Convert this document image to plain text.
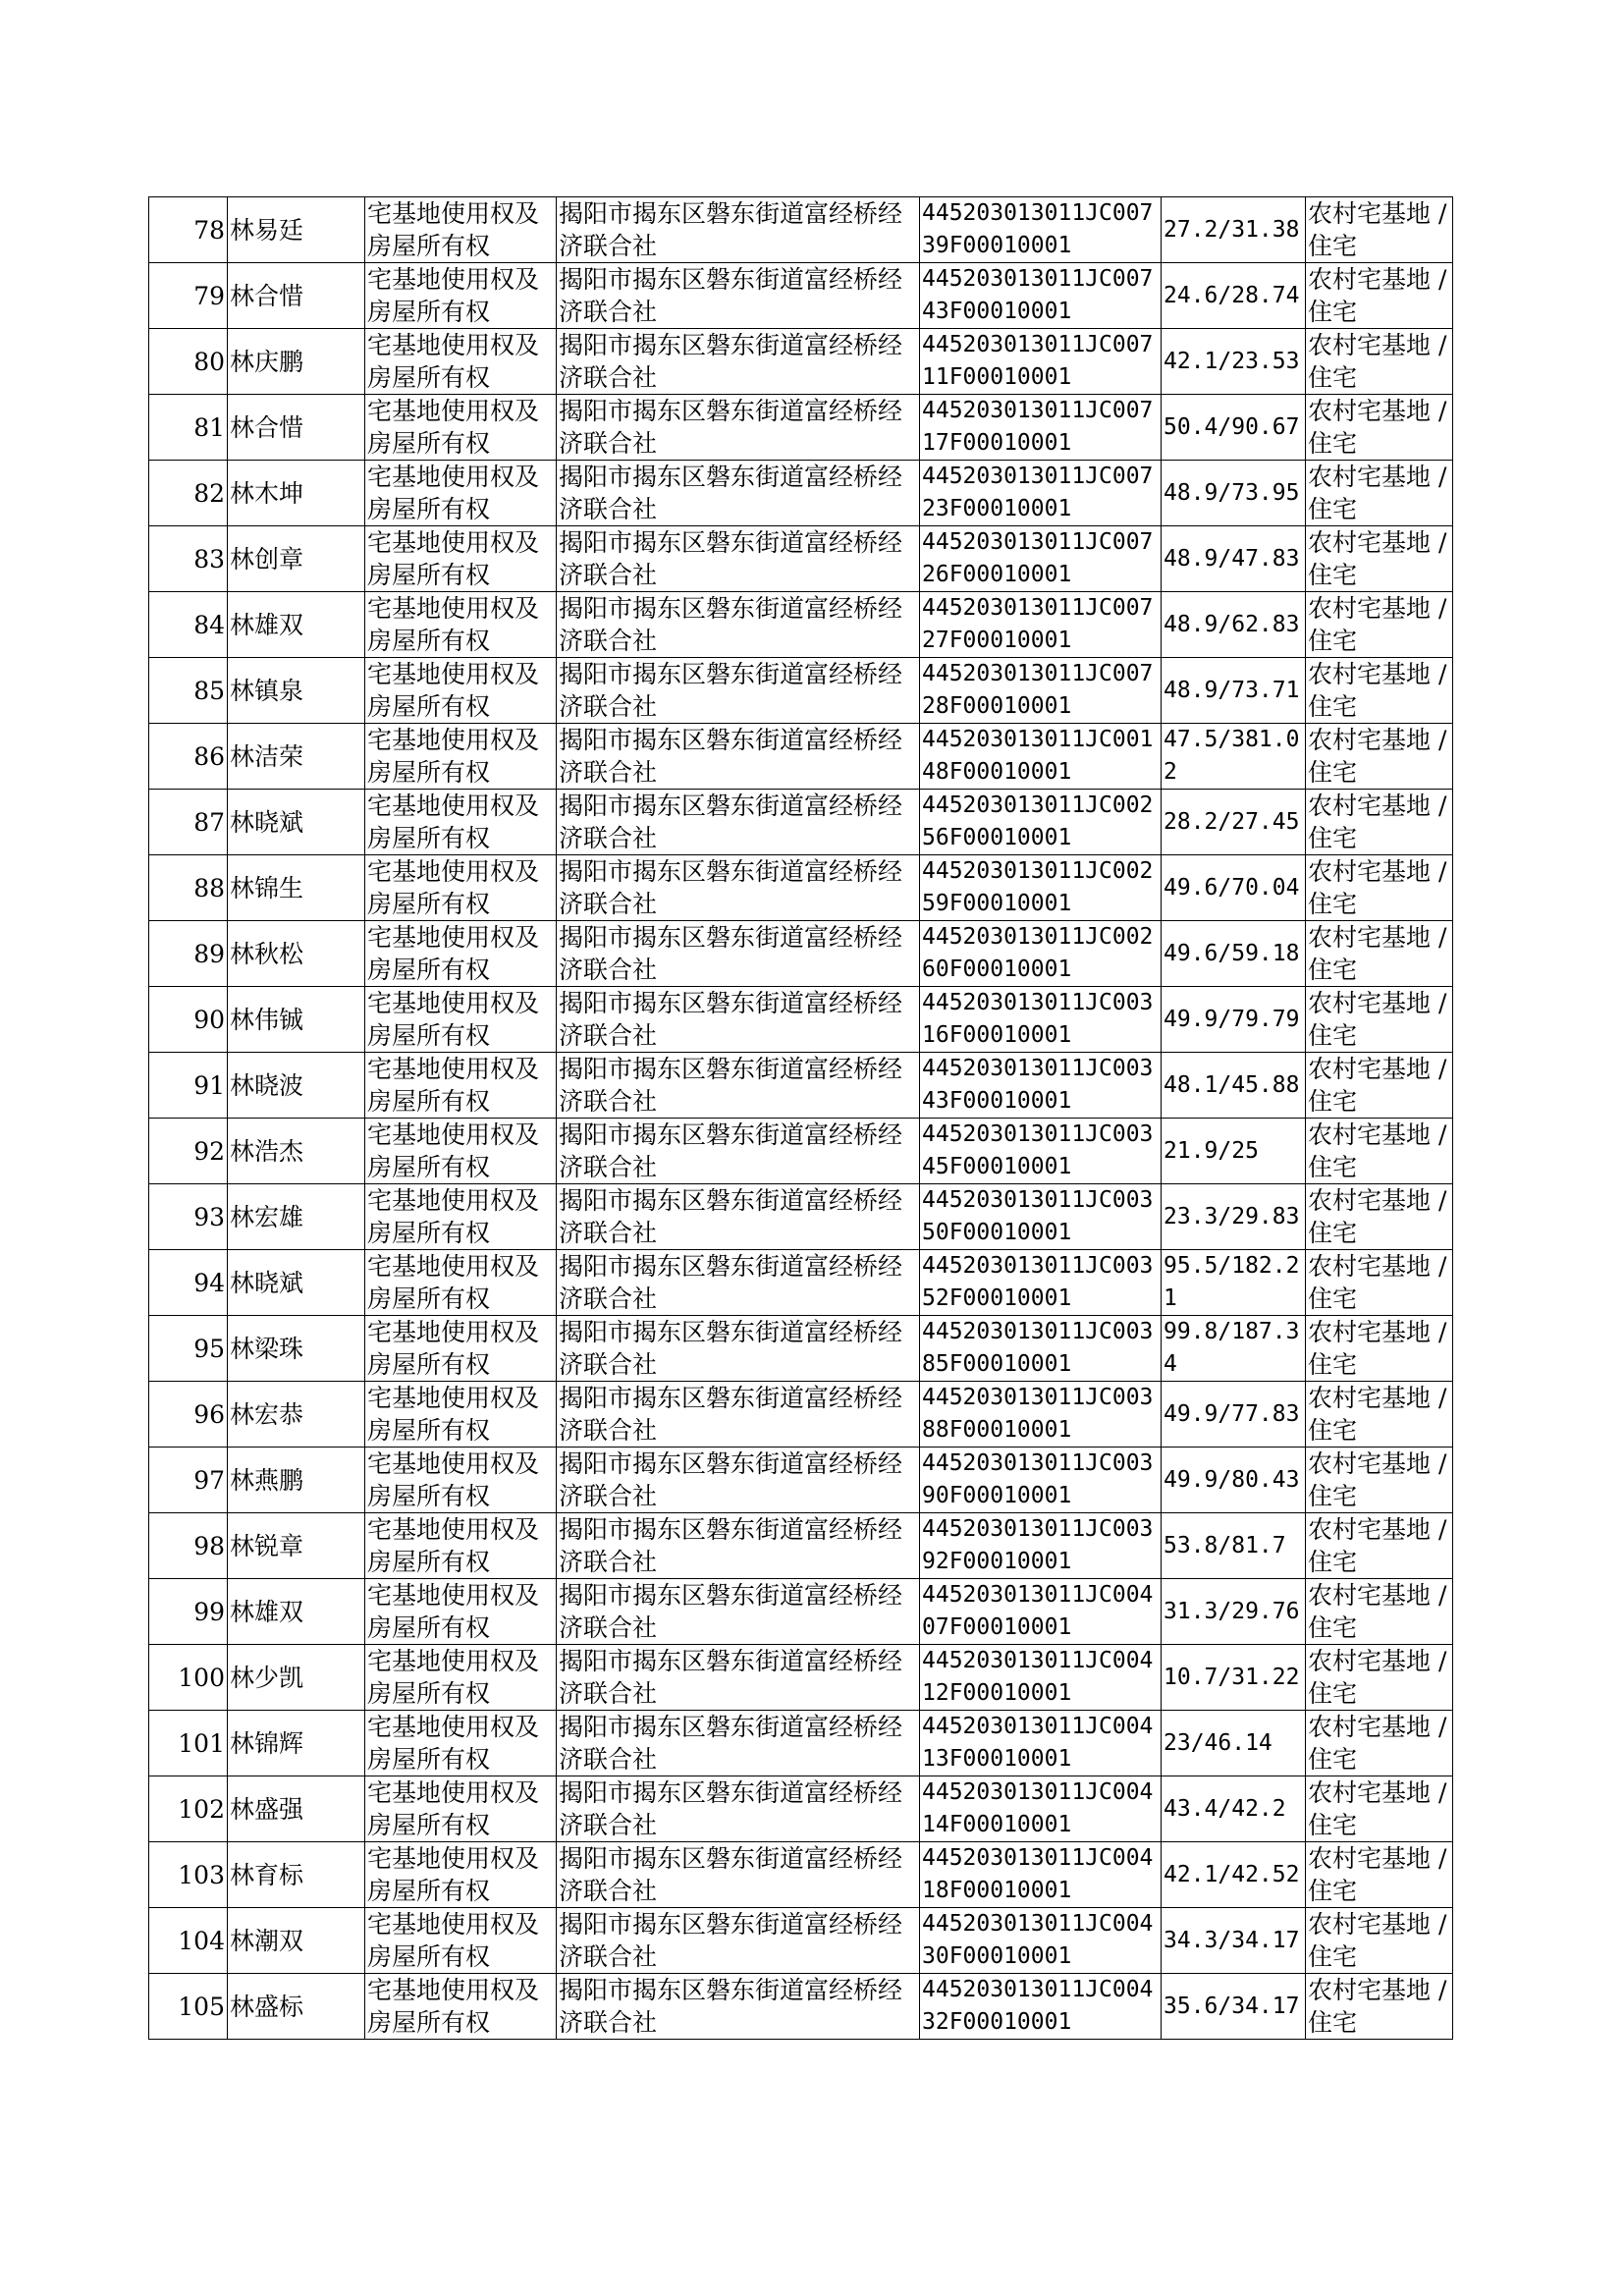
78	林易廷	宅基地使用权及房屋所有权	揭阳市揭东区磐东街道富经桥经济联合社	445203013011JC00739F00010001	27.2/31.38	农村宅基地 / 住宅
79	林合惜	宅基地使用权及房屋所有权	揭阳市揭东区磐东街道富经桥经济联合社	445203013011JC00743F00010001	24.6/28.74	农村宅基地 / 住宅
80	林庆鹏	宅基地使用权及房屋所有权	揭阳市揭东区磐东街道富经桥经济联合社	445203013011JC00711F00010001	42.1/23.53	农村宅基地 / 住宅
81	林合惜	宅基地使用权及房屋所有权	揭阳市揭东区磐东街道富经桥经济联合社	445203013011JC00717F00010001	50.4/90.67	农村宅基地 / 住宅
82	林木坤	宅基地使用权及房屋所有权	揭阳市揭东区磐东街道富经桥经济联合社	445203013011JC00723F00010001	48.9/73.95	农村宅基地 / 住宅
83	林创章	宅基地使用权及房屋所有权	揭阳市揭东区磐东街道富经桥经济联合社	445203013011JC00726F00010001	48.9/47.83	农村宅基地 / 住宅
84	林雄双	宅基地使用权及房屋所有权	揭阳市揭东区磐东街道富经桥经济联合社	445203013011JC00727F00010001	48.9/62.83	农村宅基地 / 住宅
85	林镇泉	宅基地使用权及房屋所有权	揭阳市揭东区磐东街道富经桥经济联合社	445203013011JC00728F00010001	48.9/73.71	农村宅基地 / 住宅
86	林洁荣	宅基地使用权及房屋所有权	揭阳市揭东区磐东街道富经桥经济联合社	445203013011JC00148F00010001	47.5/381.02	农村宅基地 / 住宅
87	林晓斌	宅基地使用权及房屋所有权	揭阳市揭东区磐东街道富经桥经济联合社	445203013011JC00256F00010001	28.2/27.45	农村宅基地 / 住宅
88	林锦生	宅基地使用权及房屋所有权	揭阳市揭东区磐东街道富经桥经济联合社	445203013011JC00259F00010001	49.6/70.04	农村宅基地 / 住宅
89	林秋松	宅基地使用权及房屋所有权	揭阳市揭东区磐东街道富经桥经济联合社	445203013011JC00260F00010001	49.6/59.18	农村宅基地 / 住宅
90	林伟铖	宅基地使用权及房屋所有权	揭阳市揭东区磐东街道富经桥经济联合社	445203013011JC00316F00010001	49.9/79.79	农村宅基地 / 住宅
91	林晓波	宅基地使用权及房屋所有权	揭阳市揭东区磐东街道富经桥经济联合社	445203013011JC00343F00010001	48.1/45.88	农村宅基地 / 住宅
92	林浩杰	宅基地使用权及房屋所有权	揭阳市揭东区磐东街道富经桥经济联合社	445203013011JC00345F00010001	21.9/25	农村宅基地 / 住宅
93	林宏雄	宅基地使用权及房屋所有权	揭阳市揭东区磐东街道富经桥经济联合社	445203013011JC00350F00010001	23.3/29.83	农村宅基地 / 住宅
94	林晓斌	宅基地使用权及房屋所有权	揭阳市揭东区磐东街道富经桥经济联合社	445203013011JC00352F00010001	95.5/182.21	农村宅基地 / 住宅
95	林梁珠	宅基地使用权及房屋所有权	揭阳市揭东区磐东街道富经桥经济联合社	445203013011JC00385F00010001	99.8/187.34	农村宅基地 / 住宅
96	林宏恭	宅基地使用权及房屋所有权	揭阳市揭东区磐东街道富经桥经济联合社	445203013011JC00388F00010001	49.9/77.83	农村宅基地 / 住宅
97	林燕鹏	宅基地使用权及房屋所有权	揭阳市揭东区磐东街道富经桥经济联合社	445203013011JC00390F00010001	49.9/80.43	农村宅基地 / 住宅
98	林锐章	宅基地使用权及房屋所有权	揭阳市揭东区磐东街道富经桥经济联合社	445203013011JC00392F00010001	53.8/81.7	农村宅基地 / 住宅
99	林雄双	宅基地使用权及房屋所有权	揭阳市揭东区磐东街道富经桥经济联合社	445203013011JC00407F00010001	31.3/29.76	农村宅基地 / 住宅
100	林少凯	宅基地使用权及房屋所有权	揭阳市揭东区磐东街道富经桥经济联合社	445203013011JC00412F00010001	10.7/31.22	农村宅基地 / 住宅
101	林锦辉	宅基地使用权及房屋所有权	揭阳市揭东区磐东街道富经桥经济联合社	445203013011JC00413F00010001	23/46.14	农村宅基地 / 住宅
102	林盛强	宅基地使用权及房屋所有权	揭阳市揭东区磐东街道富经桥经济联合社	445203013011JC00414F00010001	43.4/42.2	农村宅基地 / 住宅
103	林育标	宅基地使用权及房屋所有权	揭阳市揭东区磐东街道富经桥经济联合社	445203013011JC00418F00010001	42.1/42.52	农村宅基地 / 住宅
104	林潮双	宅基地使用权及房屋所有权	揭阳市揭东区磐东街道富经桥经济联合社	445203013011JC00430F00010001	34.3/34.17	农村宅基地 / 住宅
105	林盛标	宅基地使用权及房屋所有权	揭阳市揭东区磐东街道富经桥经济联合社	445203013011JC00432F00010001	35.6/34.17	农村宅基地 / 住宅
